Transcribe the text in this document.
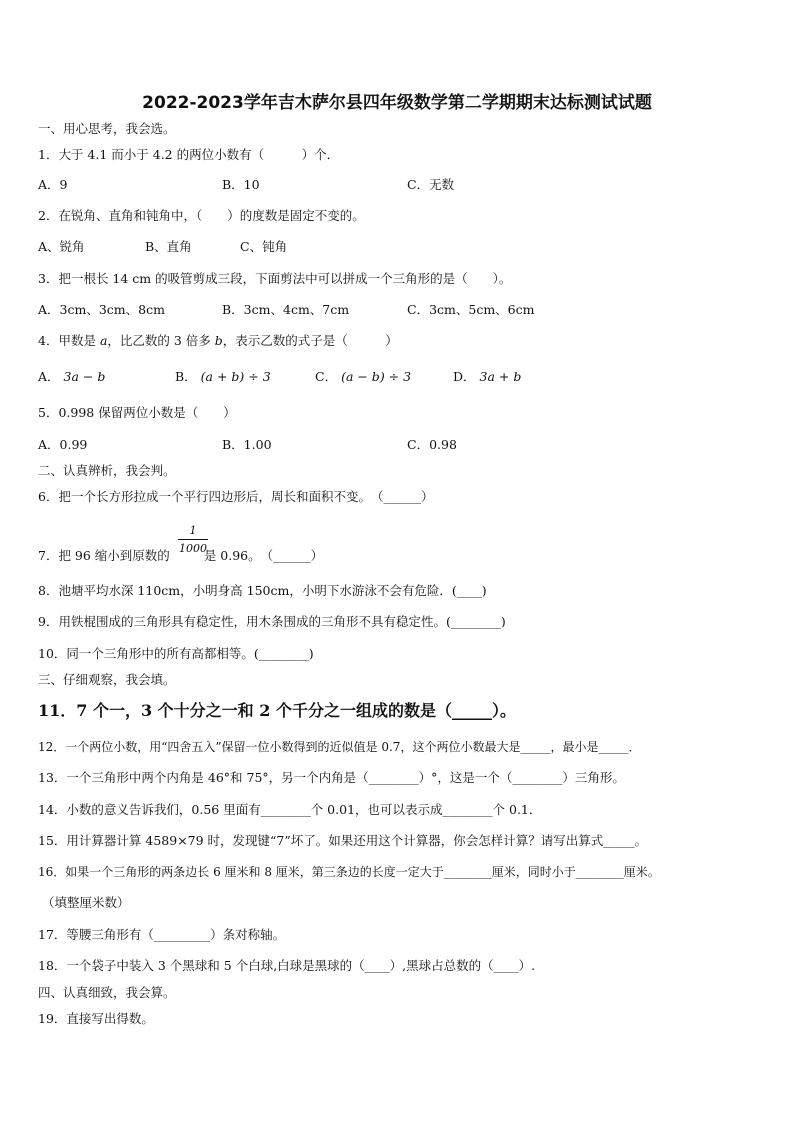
2022-2023学年吉木萨尔县四年级数学第二学期期末达标测试试题
一、用心思考，我会选。
1．大于 4.1 而小于 4.2 的两位小数有（　　　）个．
A．9	B．10	C．无数
2．在锐角、直角和钝角中，（　　）的度数是固定不变的。
A、锐角	B、直角	C、钝角
3．把一根长 14 cm 的吸管剪成三段，下面剪法中可以拼成一个三角形的是（　　）。
A．3cm、3cm、8cm	B．3cm、4cm、7cm	C．3cm、5cm、6cm
4．甲数是 a，比乙数的 3 倍多 b，表示乙数的式子是（　　　）
A． 3a − b	B． (a + b) ÷ 3	C． (a − b) ÷ 3	D． 3a + b
5．0.998 保留两位小数是（　　）
A．0.99	B．1.00	C．0.98
二、认真辨析，我会判。
6．把一个长方形拉成一个平行四边形后，周长和面积不变。　（______）
$\frac{1}{1000}$
7．把 96 缩小到原数的	是 0.96。　（______）
8．池塘平均水深 110cm，小明身高 150cm，小明下水游泳不会有危险．(____)
9．用铁棍围成的三角形具有稳定性，用木条围成的三角形不具有稳定性。(________)
10．同一个三角形中的所有高都相等。(________)
三、仔细观察，我会填。
11．7 个一，3 个十分之一和 2 个千分之一组成的数是（_____）。
12．一个两位小数，用“四舍五入”保留一位小数得到的近似值是 0.7，这个两位小数最大是_____，最小是_____．
13．一个三角形中两个内角是 46°和 75°，另一个内角是（________）°，这是一个（________）三角形。
14．小数的意义告诉我们，0.56 里面有________个 0.01，也可以表示成________个 0.1．
15．用计算器计算 4589×79 时，发现键“7”坏了。如果还用这个计算器，你会怎样计算？请写出算式_____。
16．如果一个三角形的两条边长 6 厘米和 8 厘米，第三条边的长度一定大于________厘米，同时小于________厘米。
（填整厘米数）
17．等腰三角形有（_________）条对称轴。
18．一个袋子中装入 3 个黑球和 5 个白球,白球是黑球的（____）,黑球占总数的（____）.
四、认真细致，我会算。
19．直接写出得数。
